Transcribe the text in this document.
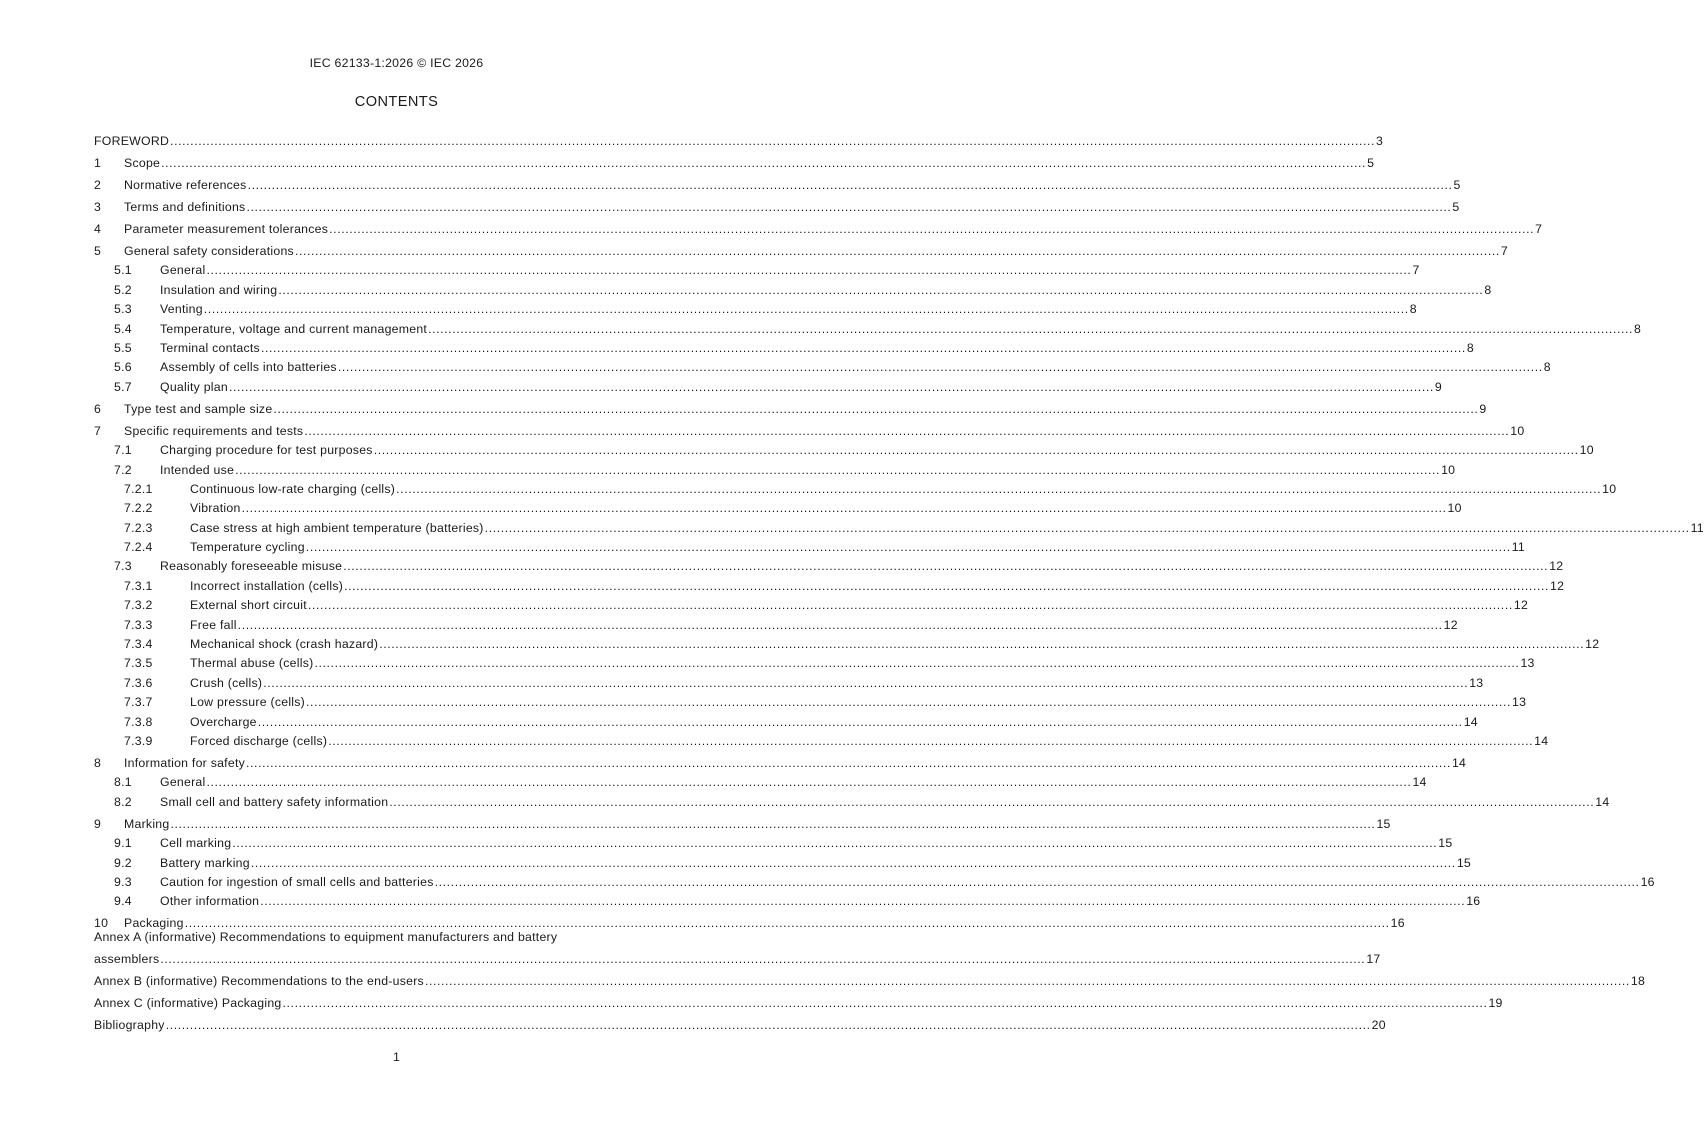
IEC 62133-1:2026 © IEC 2026
CONTENTS
FOREWORD ............................................................................................................................................................................................................................................................................................................ 3
1 Scope ............................................................................................................................................................................................................................................................................................................ 5
2 Normative references ............................................................................................................................................................................................................................................................................................................ 5
3 Terms and definitions ............................................................................................................................................................................................................................................................................................................ 5
4 Parameter measurement tolerances ............................................................................................................................................................................................................................................................................................................ 7
5 General safety considerations ............................................................................................................................................................................................................................................................................................................ 7
5.1 General ............................................................................................................................................................................................................................................................................................................ 7
5.2 Insulation and wiring ............................................................................................................................................................................................................................................................................................................ 8
5.3 Venting ............................................................................................................................................................................................................................................................................................................ 8
5.4 Temperature, voltage and current management ............................................................................................................................................................................................................................................................................................................ 8
5.5 Terminal contacts ............................................................................................................................................................................................................................................................................................................ 8
5.6 Assembly of cells into batteries ............................................................................................................................................................................................................................................................................................................ 8
5.7 Quality plan ............................................................................................................................................................................................................................................................................................................ 9
6 Type test and sample size ............................................................................................................................................................................................................................................................................................................ 9
7 Specific requirements and tests ............................................................................................................................................................................................................................................................................................................ 10
7.1 Charging procedure for test purposes ............................................................................................................................................................................................................................................................................................................ 10
7.2 Intended use ............................................................................................................................................................................................................................................................................................................ 10
7.2.1	Continuous low-rate charging (cells) ............................................................................................................................................................................................................................................................................................................ 10
7.2.2	Vibration ............................................................................................................................................................................................................................................................................................................ 10
7.2.3	Case stress at high ambient temperature (batteries) ............................................................................................................................................................................................................................................................................................................ 11
7.2.4	Temperature cycling ............................................................................................................................................................................................................................................................................................................ 11
7.3 Reasonably foreseeable misuse ............................................................................................................................................................................................................................................................................................................ 12
7.3.1	Incorrect installation (cells) ............................................................................................................................................................................................................................................................................................................ 12
7.3.2	External short circuit ............................................................................................................................................................................................................................................................................................................ 12
7.3.3	Free fall ............................................................................................................................................................................................................................................................................................................ 12
7.3.4	Mechanical shock (crash hazard) ............................................................................................................................................................................................................................................................................................................ 12
7.3.5	Thermal abuse (cells) ............................................................................................................................................................................................................................................................................................................ 13
7.3.6	Crush (cells) ............................................................................................................................................................................................................................................................................................................ 13
7.3.7	Low pressure (cells) ............................................................................................................................................................................................................................................................................................................ 13
7.3.8	Overcharge ............................................................................................................................................................................................................................................................................................................ 14
7.3.9	Forced discharge (cells) ............................................................................................................................................................................................................................................................................................................ 14
8 Information for safety ............................................................................................................................................................................................................................................................................................................ 14
8.1 General ............................................................................................................................................................................................................................................................................................................ 14
8.2 Small cell and battery safety information ............................................................................................................................................................................................................................................................................................................ 14
9 Marking ............................................................................................................................................................................................................................................................................................................ 15
9.1 Cell marking ............................................................................................................................................................................................................................................................................................................ 15
9.2 Battery marking ............................................................................................................................................................................................................................................................................................................ 15
9.3 Caution for ingestion of small cells and batteries ............................................................................................................................................................................................................................................................................................................ 16
9.4 Other information ............................................................................................................................................................................................................................................................................................................ 16
10 Packaging ............................................................................................................................................................................................................................................................................................................ 16
Annex A (informative) Recommendations to equipment manufacturers and battery
assemblers ............................................................................................................................................................................................................................................................................................................ 17
Annex B (informative) Recommendations to the end-users ............................................................................................................................................................................................................................................................................................................ 18
Annex C (informative) Packaging ............................................................................................................................................................................................................................................................................................................ 19
Bibliography ............................................................................................................................................................................................................................................................................................................ 20
1
